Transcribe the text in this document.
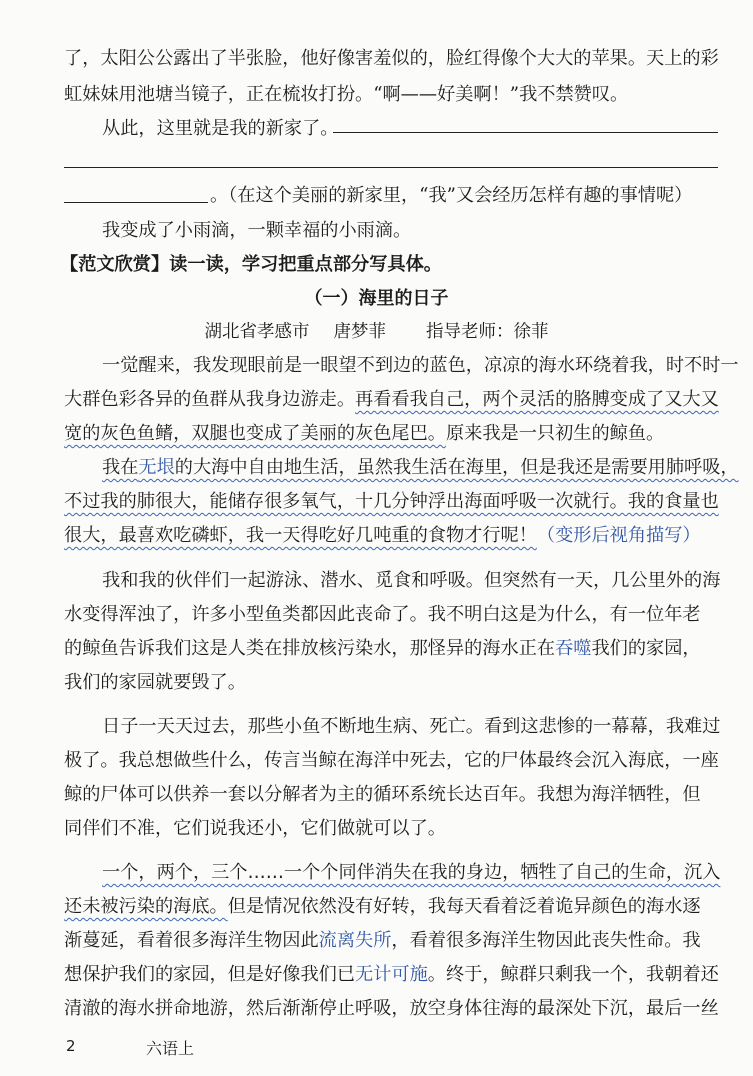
了，太阳公公露出了半张脸，他好像害羞似的，脸红得像个大大的苹果。天上的彩
虹妹妹用池塘当镜子，正在梳妆打扮。“啊——好美啊！”我不禁赞叹。
从此，这里就是我的新家了。
。（在这个美丽的新家里，“我”又会经历怎样有趣的事情呢）
我变成了小雨滴，一颗幸福的小雨滴。
【范文欣赏】读一读，学习把重点部分写具体。
（一）海里的日子
湖北省孝感市 唐梦菲 指导老师：徐菲
一觉醒来，我发现眼前是一眼望不到边的蓝色，凉凉的海水环绕着我，时不时一
大群色彩各异的鱼群从我身边游走。再看看我自己，两个灵活的胳膊变成了又大又
宽的灰色鱼鳍，双腿也变成了美丽的灰色尾巴。原来我是一只初生的鲸鱼。
我在无垠的大海中自由地生活，虽然我生活在海里，但是我还是需要用肺呼吸，
不过我的肺很大，能储存很多氧气，十几分钟浮出海面呼吸一次就行。我的食量也
很大，最喜欢吃磷虾，我一天得吃好几吨重的食物才行呢！（变形后视角描写）
我和我的伙伴们一起游泳、潜水、觅食和呼吸。但突然有一天，几公里外的海
水变得浑浊了，许多小型鱼类都因此丧命了。我不明白这是为什么，有一位年老
的鲸鱼告诉我们这是人类在排放核污染水，那怪异的海水正在吞噬我们的家园，
我们的家园就要毁了。
日子一天天过去，那些小鱼不断地生病、死亡。看到这悲惨的一幕幕，我难过
极了。我总想做些什么，传言当鲸在海洋中死去，它的尸体最终会沉入海底，一座
鲸的尸体可以供养一套以分解者为主的循环系统长达百年。我想为海洋牺牲，但
同伴们不准，它们说我还小，它们做就可以了。
一个，两个，三个……一个个同伴消失在我的身边，牺牲了自己的生命，沉入
还未被污染的海底。但是情况依然没有好转，我每天看着泛着诡异颜色的海水逐
渐蔓延，看着很多海洋生物因此流离失所，看着很多海洋生物因此丧失性命。我
想保护我们的家园，但是好像我们已无计可施。终于，鲸群只剩我一个，我朝着还
清澈的海水拼命地游，然后渐渐停止呼吸，放空身体往海的最深处下沉，最后一丝
2	六语上
